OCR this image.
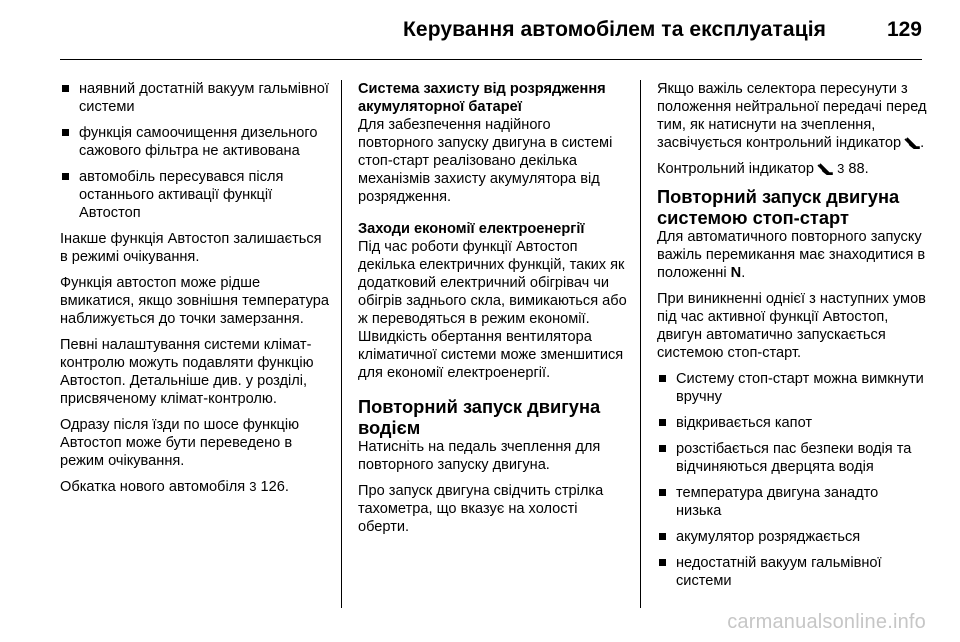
Керування автомобілем та експлуатація	129
наявний достатній вакуум гальмівної системи
функція самоочищення дизельного сажового фільтра не активована
автомобіль пересувався після останнього активації функції Автостоп

Інакше функція Автостоп залишається в режимі очікування.

Функція автостоп може рідше вмикатися, якщо зовнішня температура наближується до точки замерзання.

Певні налаштування системи клімат-контролю можуть подавляти функцію Автостоп. Детальніше див. у розділі, присвяченому клімат-контролю.

Одразу після їзди по шосе функцію Автостоп може бути переведено в режим очікування.

Обкатка нового автомобіля 3 126.

Система захисту від розрядження акумуляторної батареї

Для забезпечення надійного повторного запуску двигуна в системі стоп-старт реалізовано декілька механізмів захисту акумулятора від розрядження.

Заходи економії електроенергії

Під час роботи функції Автостоп декілька електричних функцій, таких як додатковий електричний обігрівач чи обігрів заднього скла, вимикаються або ж переводяться в режим економії. Швидкість обертання вентилятора кліматичної системи може зменшитися для економії електроенергії.

Повторний запуск двигуна водієм

Натисніть на педаль зчеплення для повторного запуску двигуна.

Про запуск двигуна свідчить стрілка тахометра, що вказує на холості оберти.

Якщо важіль селектора пересунути з положення нейтральної передачі перед тим, як натиснути на зчеплення, засвічується контрольний індикатор .

Контрольний індикатор 3 88.

Повторний запуск двигуна системою стоп-старт

Для автоматичного повторного запуску важіль перемикання має знаходитися в положенні N.

При виникненні однієї з наступних умов під час активної функції Автостоп, двигун автоматично запускається системою стоп-старт.

Систему стоп-старт можна вимкнути вручну
відкривається капот
розстібається пас безпеки водія та відчиняються дверцята водія
температура двигуна занадто низька
акумулятор розряджається
недостатній вакуум гальмівної системи
carmanualsonline.info
